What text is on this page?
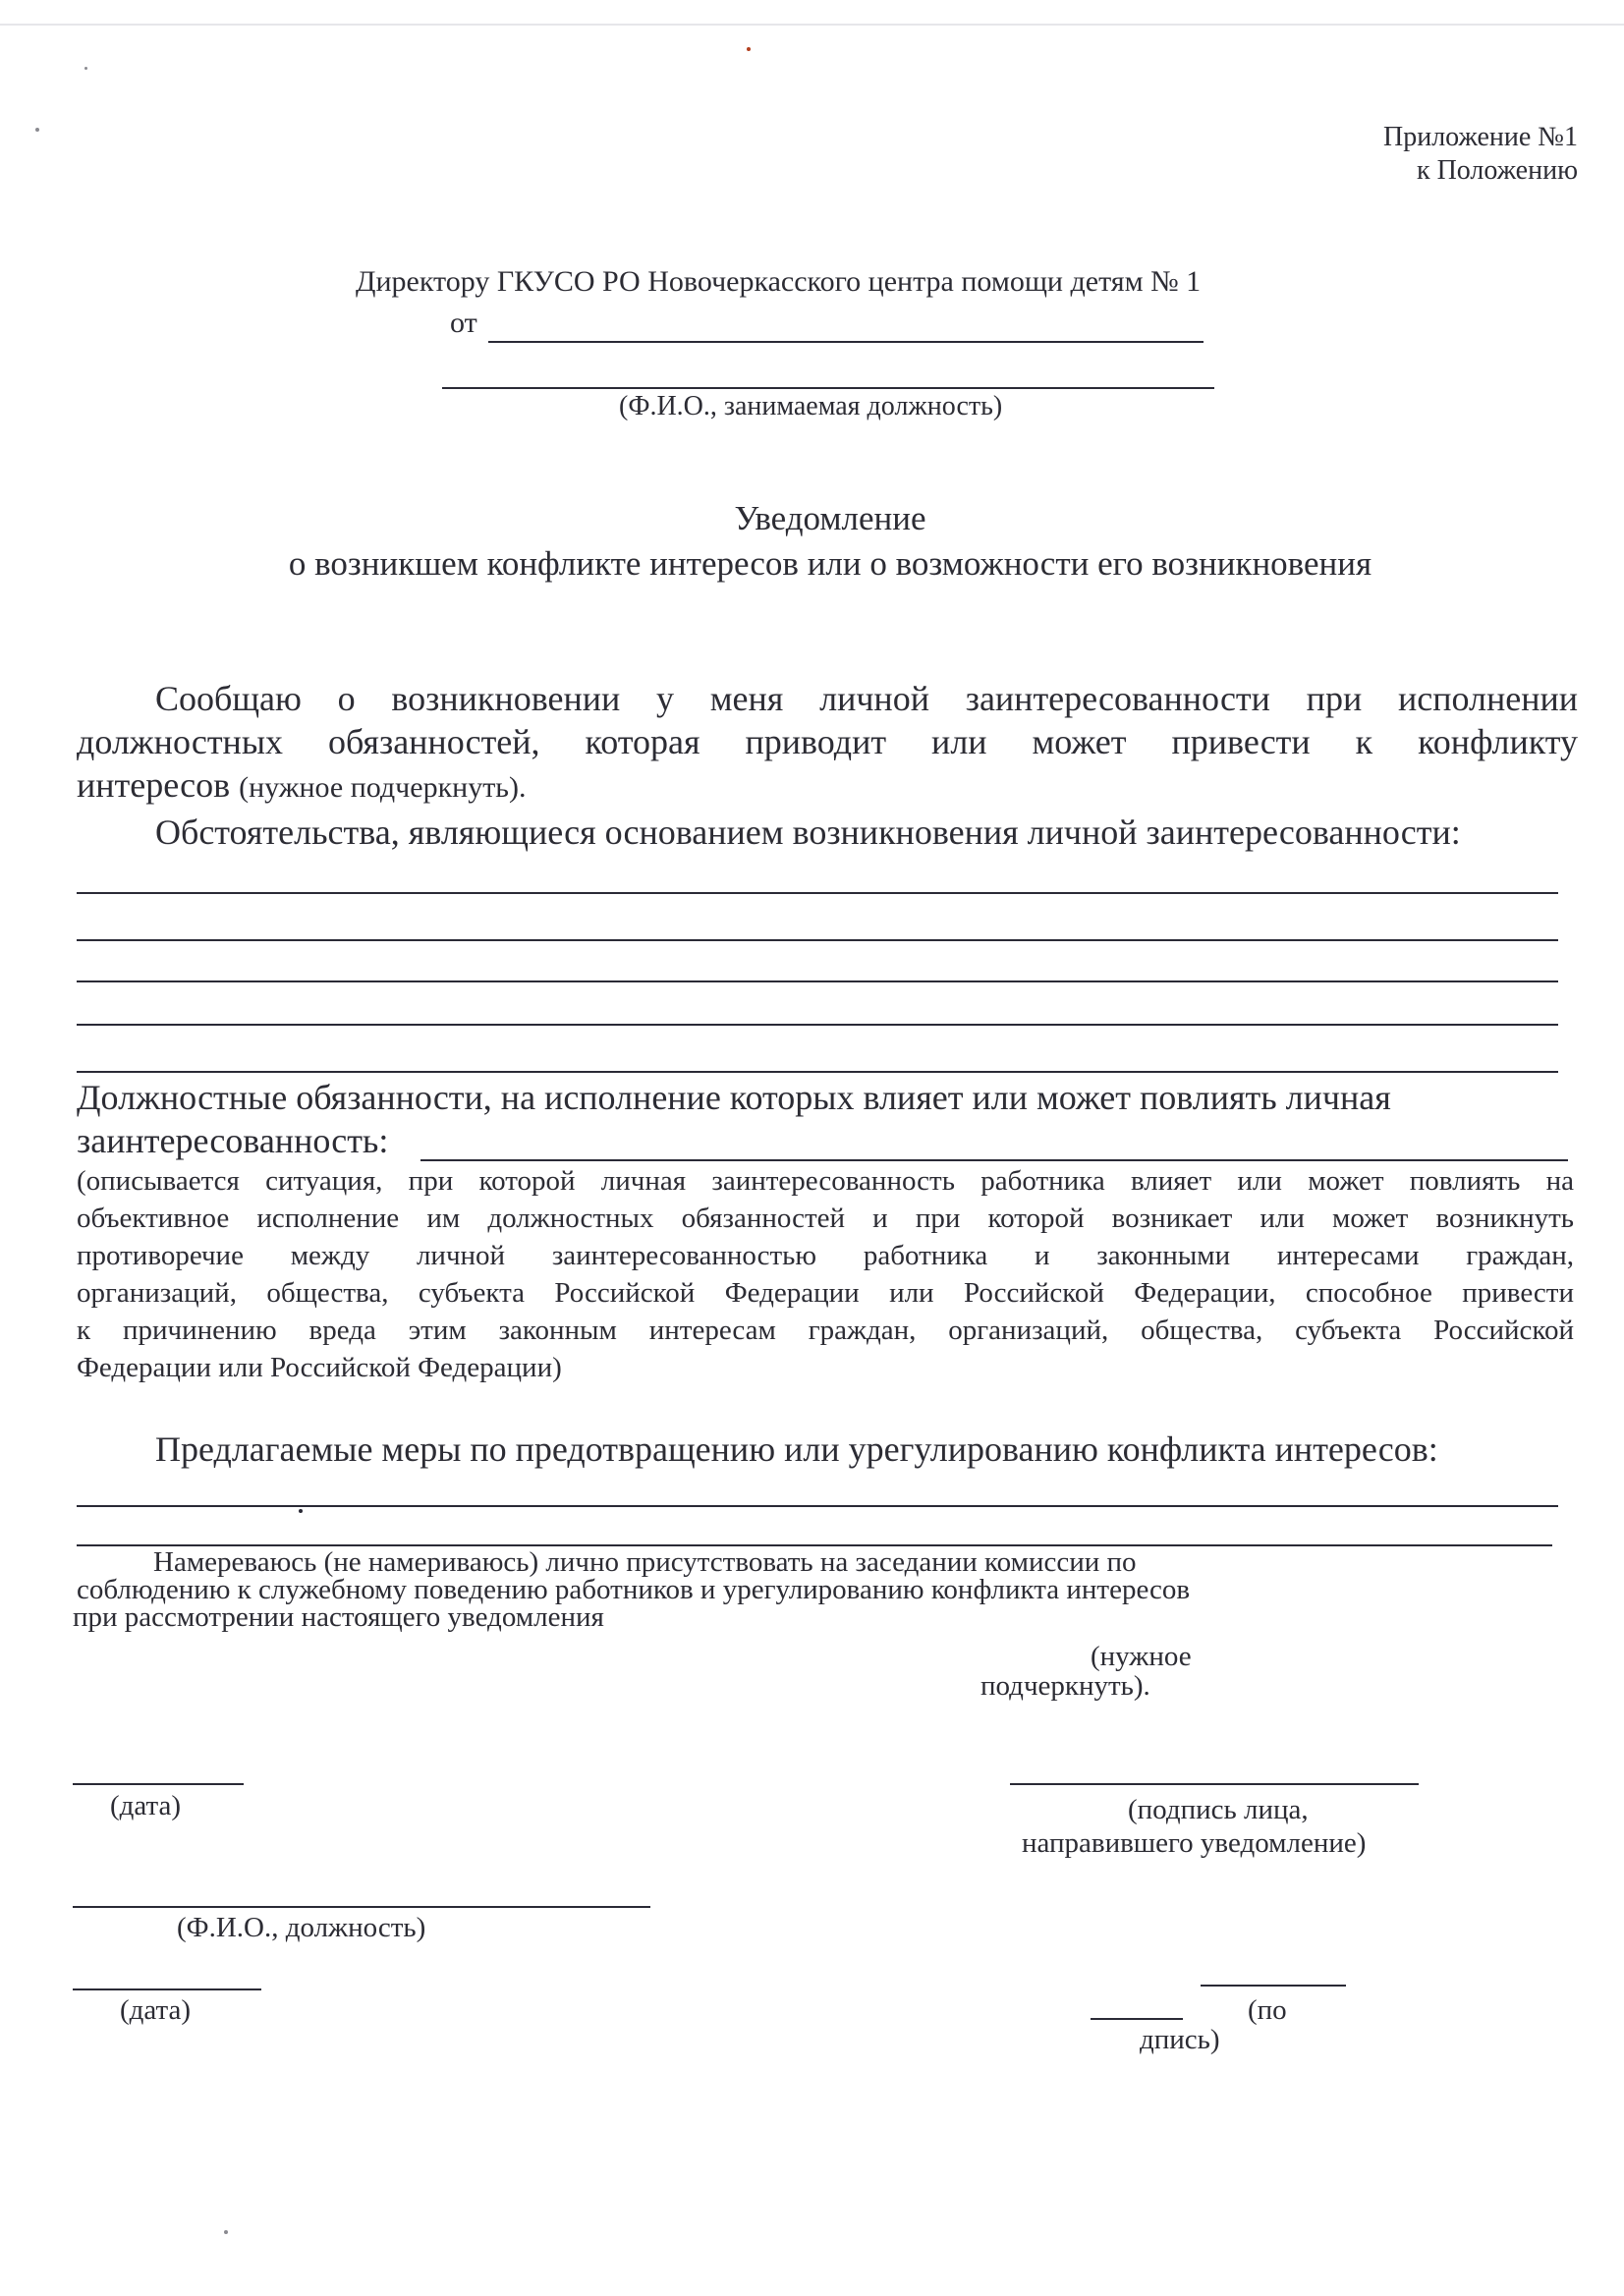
Приложение №1
к Положению
Директору ГКУСО РО Новочеркасского центра помощи детям № 1
от
(Ф.И.О., занимаемая должность)
Уведомление
о возникшем конфликте интересов или о возможности его возникновения
Сообщаю о возникновении у меня личной заинтересованности при исполнении
должностных обязанностей, которая приводит или может привести к конфликту
интересов (нужное подчеркнуть).
Обстоятельства, являющиеся основанием возникновения личной заинтересованности:
Должностные обязанности, на исполнение которых влияет или может повлиять личная
заинтересованность:
(описывается ситуация, при которой личная заинтересованность работника влияет или может повлиять на
объективное исполнение им должностных обязанностей и при которой возникает или может возникнуть
противоречие между личной заинтересованностью работника и законными интересами граждан,
организаций, общества, субъекта Российской Федерации или Российской Федерации, способное привести
к причинению вреда этим законным интересам граждан, организаций, общества, субъекта Российской
Федерации или Российской Федерации)
Предлагаемые меры по предотвращению или урегулированию конфликта интересов:
Намереваюсь (не намериваюсь) лично присутствовать на заседании комиссии по
соблюдению к служебному поведению работников и урегулированию конфликта интересов
при рассмотрении настоящего уведомления
(нужное
подчеркнуть).
(дата)	(подпись лица,
направившего уведомление)
(Ф.И.О., должность)
(дата)	(по
дпись)
